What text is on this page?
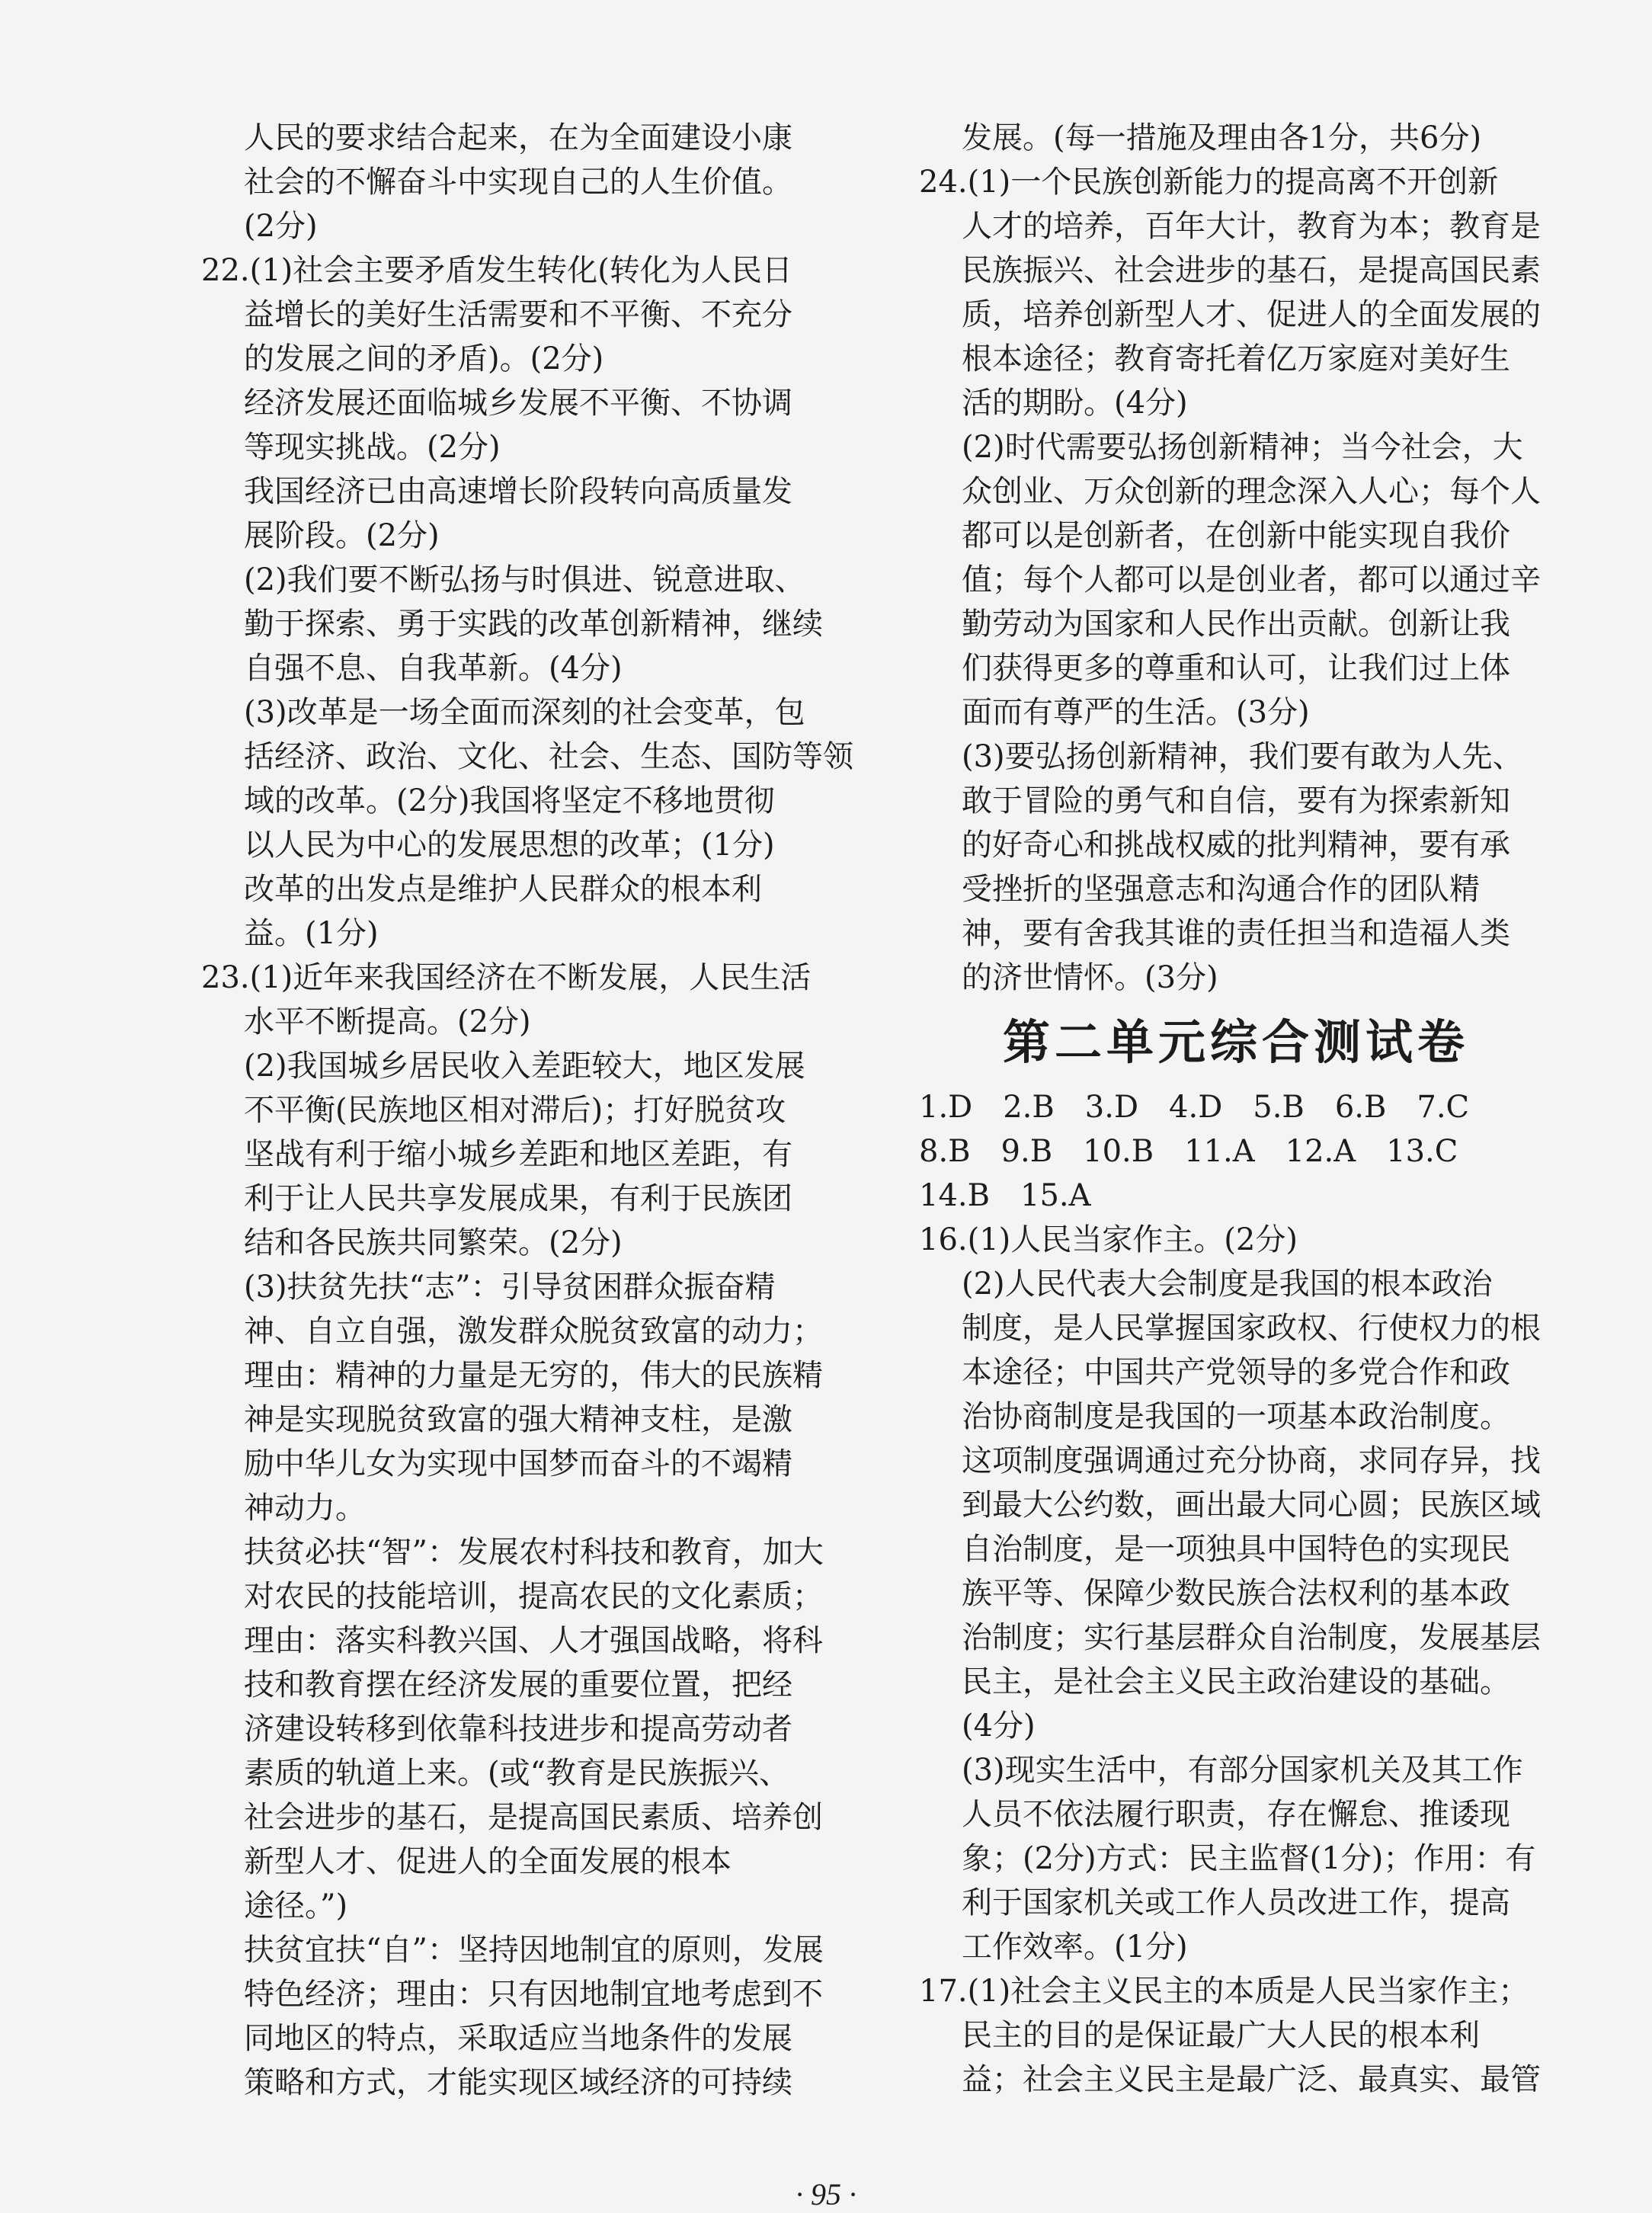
人民的要求结合起来，在为全面建设小康
社会的不懈奋斗中实现自己的人生价值。
(2分)
22.(1)社会主要矛盾发生转化(转化为人民日
益增长的美好生活需要和不平衡、不充分
的发展之间的矛盾)。(2分)
经济发展还面临城乡发展不平衡、不协调
等现实挑战。(2分)
我国经济已由高速增长阶段转向高质量发
展阶段。(2分)
(2)我们要不断弘扬与时俱进、锐意进取、
勤于探索、勇于实践的改革创新精神，继续
自强不息、自我革新。(4分)
(3)改革是一场全面而深刻的社会变革，包
括经济、政治、文化、社会、生态、国防等领
域的改革。(2分)我国将坚定不移地贯彻
以人民为中心的发展思想的改革；(1分)
改革的出发点是维护人民群众的根本利
益。(1分)
23.(1)近年来我国经济在不断发展，人民生活
水平不断提高。(2分)
(2)我国城乡居民收入差距较大，地区发展
不平衡(民族地区相对滞后)；打好脱贫攻
坚战有利于缩小城乡差距和地区差距，有
利于让人民共享发展成果，有利于民族团
结和各民族共同繁荣。(2分)
(3)扶贫先扶“志”：引导贫困群众振奋精
神、自立自强，激发群众脱贫致富的动力；
理由：精神的力量是无穷的，伟大的民族精
神是实现脱贫致富的强大精神支柱，是激
励中华儿女为实现中国梦而奋斗的不竭精
神动力。
扶贫必扶“智”：发展农村科技和教育，加大
对农民的技能培训，提高农民的文化素质；
理由：落实科教兴国、人才强国战略，将科
技和教育摆在经济发展的重要位置，把经
济建设转移到依靠科技进步和提高劳动者
素质的轨道上来。(或“教育是民族振兴、
社会进步的基石，是提高国民素质、培养创
新型人才、促进人的全面发展的根本
途径。”)
扶贫宜扶“自”：坚持因地制宜的原则，发展
特色经济；理由：只有因地制宜地考虑到不
同地区的特点，采取适应当地条件的发展
策略和方式，才能实现区域经济的可持续
发展。(每一措施及理由各1分，共6分)
24.(1)一个民族创新能力的提高离不开创新
人才的培养，百年大计，教育为本；教育是
民族振兴、社会进步的基石，是提高国民素
质，培养创新型人才、促进人的全面发展的
根本途径；教育寄托着亿万家庭对美好生
活的期盼。(4分)
(2)时代需要弘扬创新精神；当今社会，大
众创业、万众创新的理念深入人心；每个人
都可以是创新者，在创新中能实现自我价
值；每个人都可以是创业者，都可以通过辛
勤劳动为国家和人民作出贡献。创新让我
们获得更多的尊重和认可，让我们过上体
面而有尊严的生活。(3分)
(3)要弘扬创新精神，我们要有敢为人先、
敢于冒险的勇气和自信，要有为探索新知
的好奇心和挑战权威的批判精神，要有承
受挫折的坚强意志和沟通合作的团队精
神，要有舍我其谁的责任担当和造福人类
的济世情怀。(3分)
第二单元综合测试卷
1.D　2.B　3.D　4.D　5.B　6.B　7.C
8.B　9.B　10.B　11.A　12.A　13.C
14.B　15.A
16.(1)人民当家作主。(2分)
(2)人民代表大会制度是我国的根本政治
制度，是人民掌握国家政权、行使权力的根
本途径；中国共产党领导的多党合作和政
治协商制度是我国的一项基本政治制度。
这项制度强调通过充分协商，求同存异，找
到最大公约数，画出最大同心圆；民族区域
自治制度，是一项独具中国特色的实现民
族平等、保障少数民族合法权利的基本政
治制度；实行基层群众自治制度，发展基层
民主，是社会主义民主政治建设的基础。
(4分)
(3)现实生活中，有部分国家机关及其工作
人员不依法履行职责，存在懈怠、推诿现
象；(2分)方式：民主监督(1分)；作用：有
利于国家机关或工作人员改进工作，提高
工作效率。(1分)
17.(1)社会主义民主的本质是人民当家作主；
民主的目的是保证最广大人民的根本利
益；社会主义民主是最广泛、最真实、最管
· 95 ·
